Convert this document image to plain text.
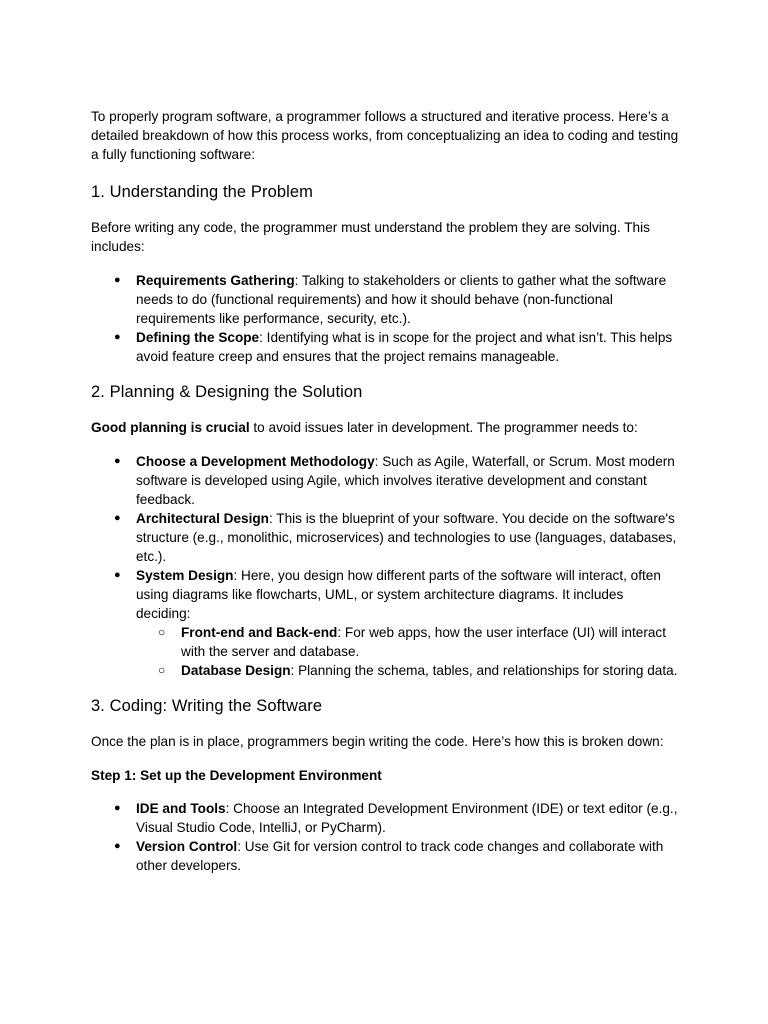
To properly program software, a programmer follows a structured and iterative process. Here’s a detailed breakdown of how this process works, from conceptualizing an idea to coding and testing a fully functioning software:

1. Understanding the Problem

Before writing any code, the programmer must understand the problem they are solving. This includes:

● Requirements Gathering: Talking to stakeholders or clients to gather what the software needs to do (functional requirements) and how it should behave (non-functional requirements like performance, security, etc.).
● Defining the Scope: Identifying what is in scope for the project and what isn’t. This helps avoid feature creep and ensures that the project remains manageable.
2. Planning & Designing the Solution

Good planning is crucial to avoid issues later in development. The programmer needs to:

● Choose a Development Methodology: Such as Agile, Waterfall, or Scrum. Most modern software is developed using Agile, which involves iterative development and constant feedback.
● Architectural Design: This is the blueprint of your software. You decide on the software's structure (e.g., monolithic, microservices) and technologies to use (languages, databases, etc.).
● System Design: Here, you design how different parts of the software will interact, often using diagrams like flowcharts, UML, or system architecture diagrams. It includes deciding:
○ Front-end and Back-end: For web apps, how the user interface (UI) will interact with the server and database.
○ Database Design: Planning the schema, tables, and relationships for storing data.
3. Coding: Writing the Software

Once the plan is in place, programmers begin writing the code. Here’s how this is broken down:

Step 1: Set up the Development Environment

● IDE and Tools: Choose an Integrated Development Environment (IDE) or text editor (e.g., Visual Studio Code, IntelliJ, or PyCharm).
● Version Control: Use Git for version control to track code changes and collaborate with other developers.
